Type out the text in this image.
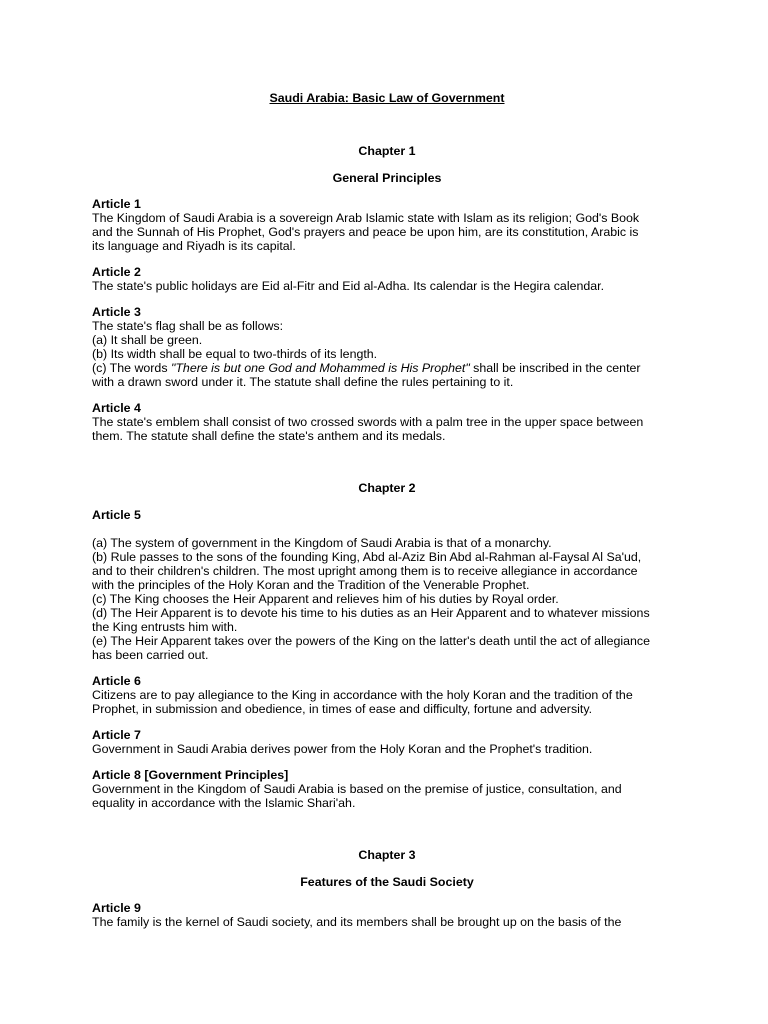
Saudi Arabia: Basic Law of Government

Chapter 1

General Principles

Article 1

The Kingdom of Saudi Arabia is a sovereign Arab Islamic state with Islam as its religion; God's Book

and the Sunnah of His Prophet, God's prayers and peace be upon him, are its constitution, Arabic is

its language and Riyadh is its capital.

Article 2

The state's public holidays are Eid al-Fitr and Eid al-Adha. Its calendar is the Hegira calendar.

Article 3

The state's flag shall be as follows:

(a) It shall be green.

(b) Its width shall be equal to two-thirds of its length.

(c) The words "There is but one God and Mohammed is His Prophet" shall be inscribed in the center

with a drawn sword under it. The statute shall define the rules pertaining to it.

Article 4

The state's emblem shall consist of two crossed swords with a palm tree in the upper space between

them. The statute shall define the state's anthem and its medals.

Chapter 2

Article 5

(a) The system of government in the Kingdom of Saudi Arabia is that of a monarchy.

(b) Rule passes to the sons of the founding King, Abd al-Aziz Bin Abd al-Rahman al-Faysal Al Sa'ud,

and to their children's children. The most upright among them is to receive allegiance in accordance

with the principles of the Holy Koran and the Tradition of the Venerable Prophet.

(c) The King chooses the Heir Apparent and relieves him of his duties by Royal order.

(d) The Heir Apparent is to devote his time to his duties as an Heir Apparent and to whatever missions

the King entrusts him with.

(e) The Heir Apparent takes over the powers of the King on the latter's death until the act of allegiance

has been carried out.

Article 6

Citizens are to pay allegiance to the King in accordance with the holy Koran and the tradition of the

Prophet, in submission and obedience, in times of ease and difficulty, fortune and adversity.

Article 7

Government in Saudi Arabia derives power from the Holy Koran and the Prophet's tradition.

Article 8 [Government Principles]

Government in the Kingdom of Saudi Arabia is based on the premise of justice, consultation, and

equality in accordance with the Islamic Shari'ah.

Chapter 3

Features of the Saudi Society

Article 9

The family is the kernel of Saudi society, and its members shall be brought up on the basis of the
